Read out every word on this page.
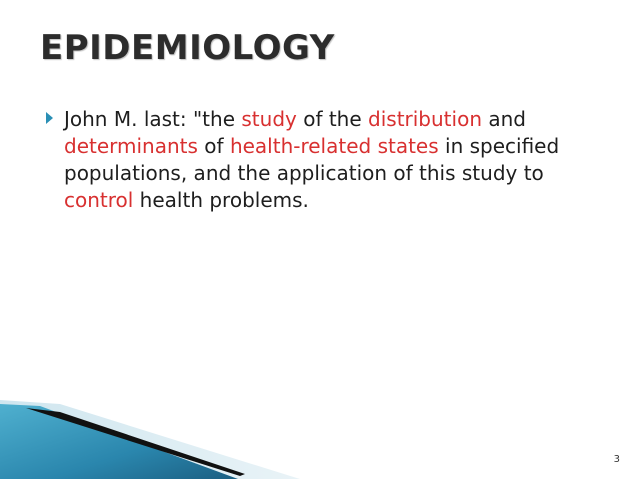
EPIDEMIOLOGY
John M. last: "the study of the distribution and determinants of health-related states in specified populations, and the application of this study to control health problems.
3
